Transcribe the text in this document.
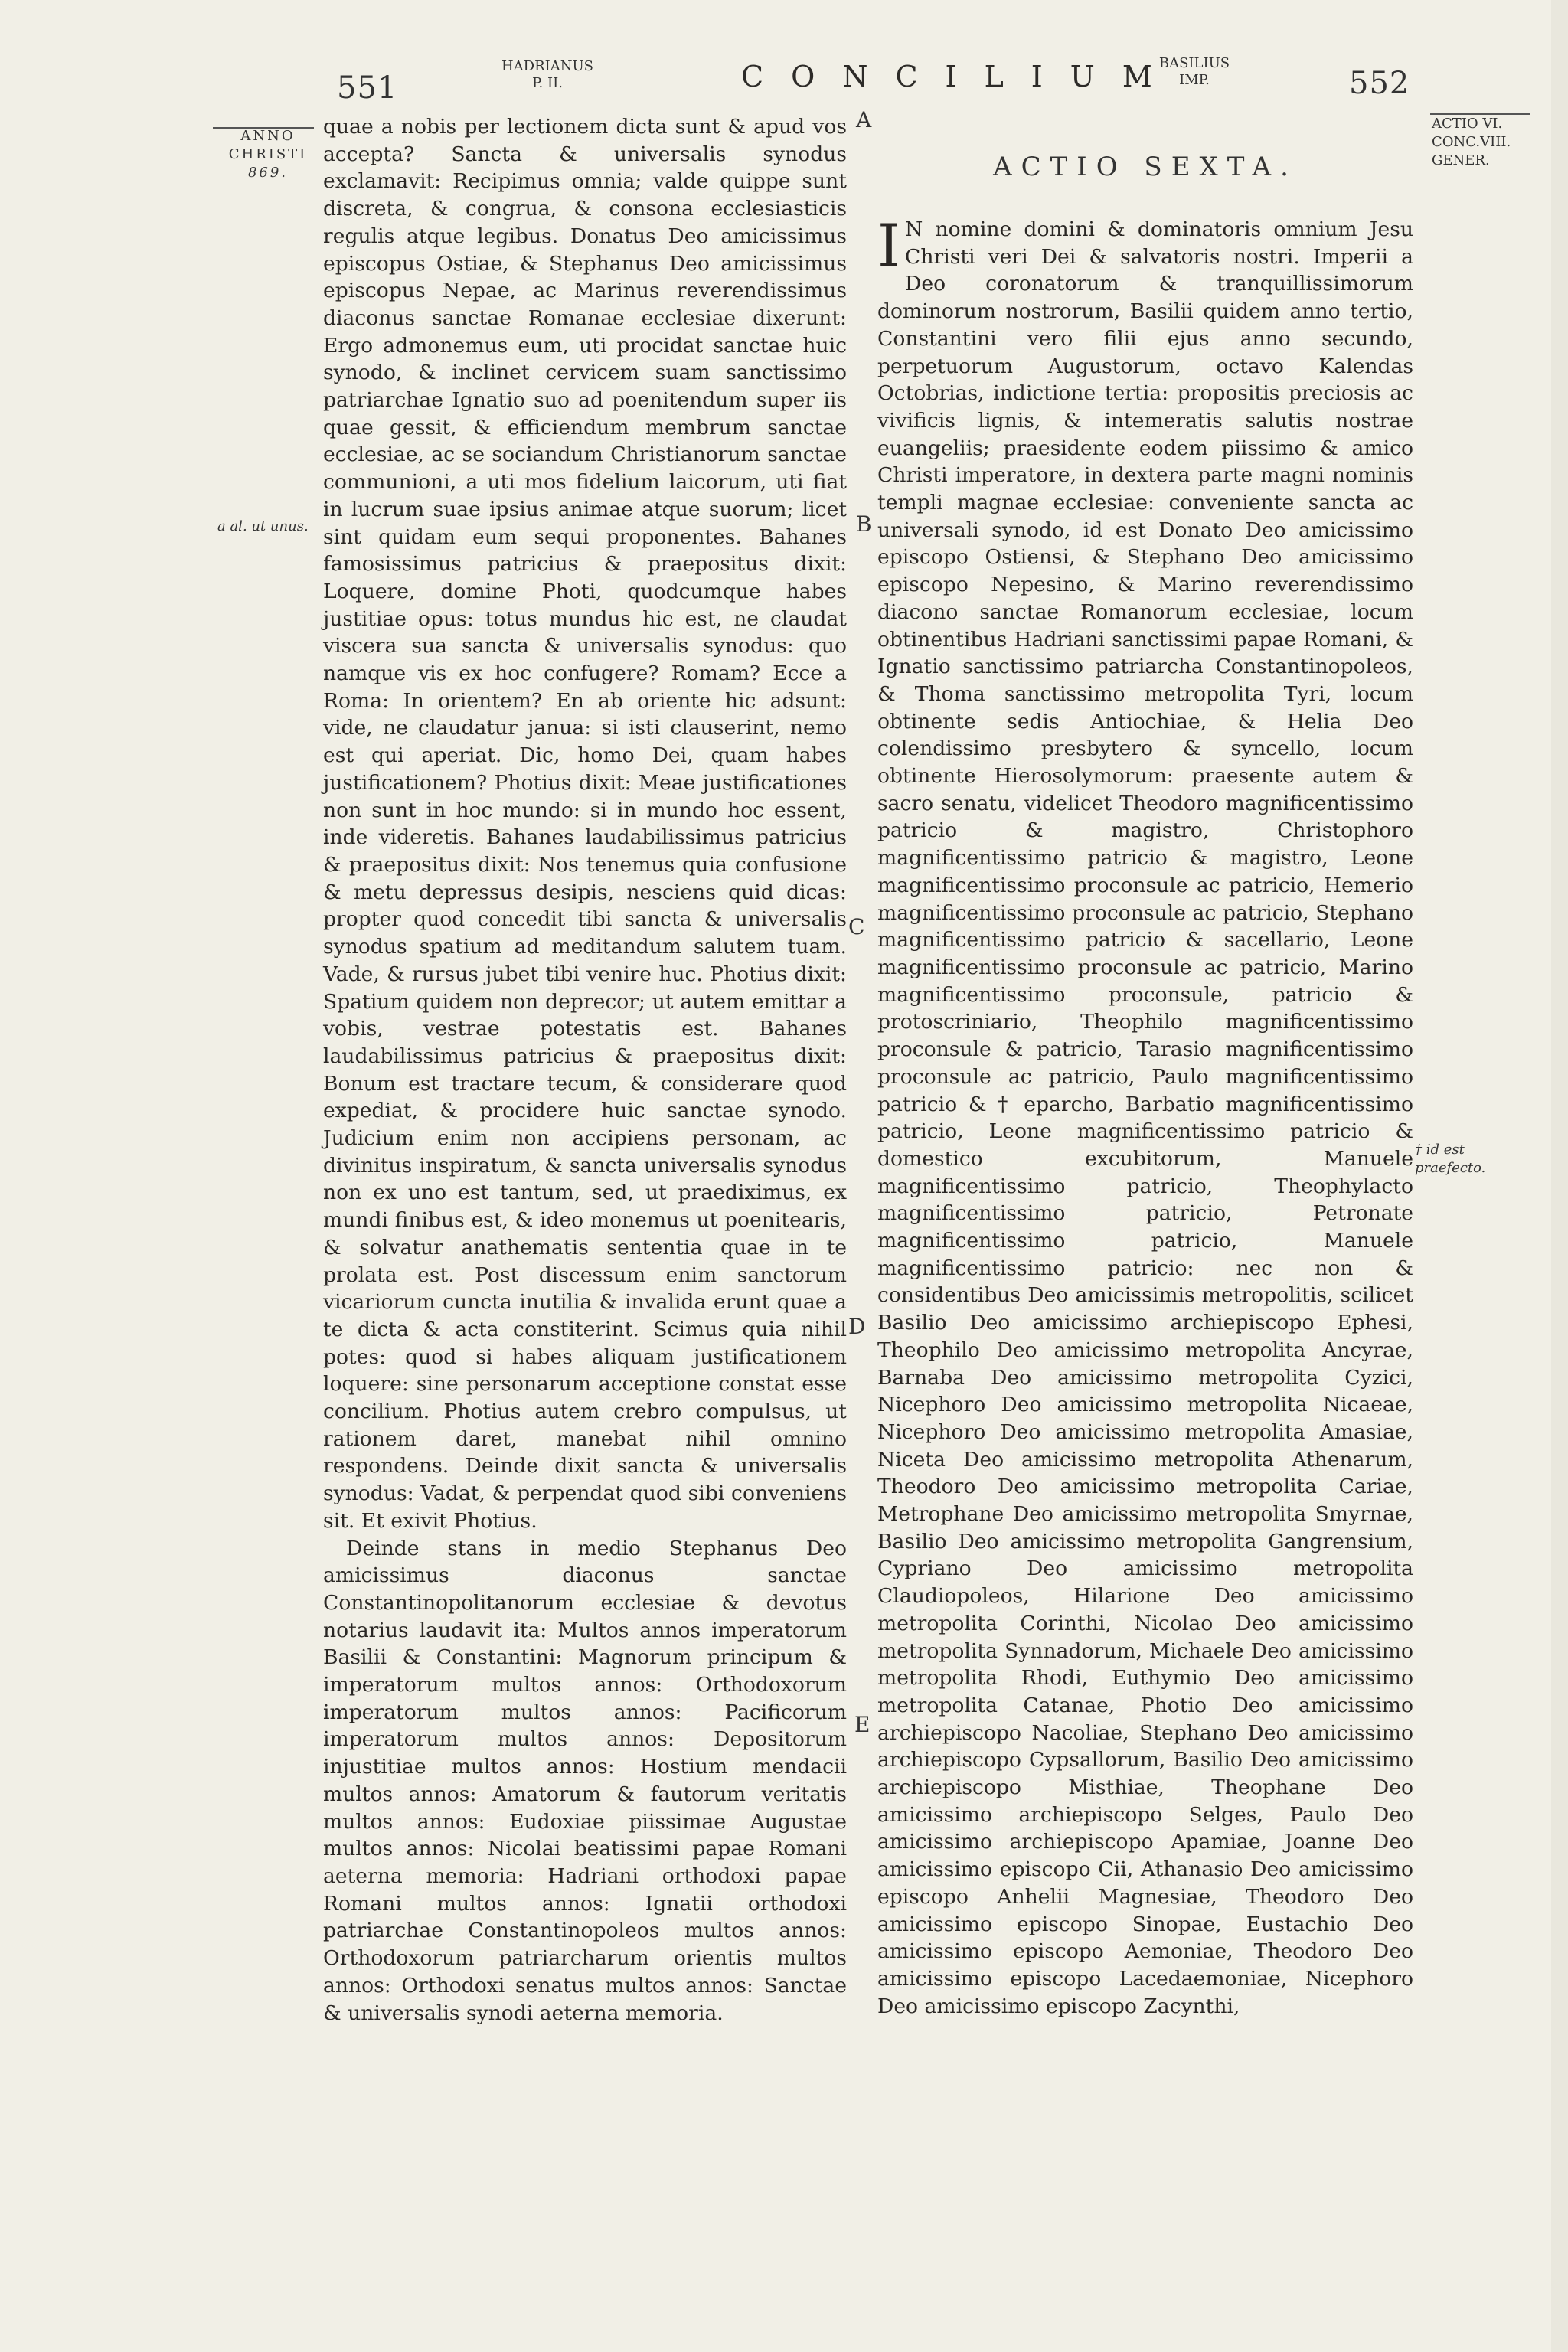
551
HADRIANUS
P. II.	CONCILIUM
BASILIUS
IMP.	552
ANNO
CHRISTI
869.
a al. ut unus.
ACTIO VI.
CONC.VIII.
GENER.
† id est praefecto.
A
B
C
D
E

quae a nobis per lectionem dicta sunt & apud vos accepta? Sancta & universalis synodus exclamavit: Recipimus omnia; valde quippe sunt discreta, & congrua, & consona ecclesiasticis regulis atque legibus. Donatus Deo amicissimus episcopus Ostiae, & Stephanus Deo amicissimus episcopus Nepae, ac Marinus reverendissimus diaconus sanctae Romanae ecclesiae dixerunt: Ergo admonemus eum, uti procidat sanctae huic synodo, & inclinet cervicem suam sanctissimo patriarchae Ignatio suo ad poenitendum super iis quae gessit, & efficiendum membrum sanctae ecclesiae, ac se sociandum Christianorum sanctae communioni, a uti mos fidelium laicorum, uti fiat in lucrum suae ipsius animae atque suorum; licet sint quidam eum sequi proponentes. Bahanes famosissimus patricius & praepositus dixit: Loquere, domine Photi, quodcumque habes justitiae opus: totus mundus hic est, ne claudat viscera sua sancta & universalis synodus: quo namque vis ex hoc confugere? Romam? Ecce a Roma: In orientem? En ab oriente hic adsunt: vide, ne claudatur janua: si isti clauserint, nemo est qui aperiat. Dic, homo Dei, quam habes justificationem? Photius dixit: Meae justificationes non sunt in hoc mundo: si in mundo hoc essent, inde videretis. Bahanes laudabilissimus patricius & praepositus dixit: Nos tenemus quia confusione & metu depressus desipis, nesciens quid dicas: propter quod concedit tibi sancta & universalis synodus spatium ad meditandum salutem tuam. Vade, & rursus jubet tibi venire huc. Photius dixit: Spatium quidem non deprecor; ut autem emittar a vobis, vestrae potestatis est. Bahanes laudabilissimus patricius & praepositus dixit: Bonum est tractare tecum, & considerare quod expediat, & procidere huic sanctae synodo. Judicium enim non accipiens personam, ac divinitus inspiratum, & sancta universalis synodus non ex uno est tantum, sed, ut praediximus, ex mundi finibus est, & ideo monemus ut poenitearis, & solvatur anathematis sententia quae in te prolata est. Post discessum enim sanctorum vicariorum cuncta inutilia & invalida erunt quae a te dicta & acta constiterint. Scimus quia nihil potes: quod si habes aliquam justificationem loquere: sine personarum acceptione constat esse concilium. Photius autem crebro compulsus, ut rationem daret, manebat nihil omnino respondens. Deinde dixit sancta & universalis synodus: Vadat, & perpendat quod sibi conveniens sit. Et exivit Photius.

Deinde stans in medio Stephanus Deo amicissimus diaconus sanctae Constantinopolitanorum ecclesiae & devotus notarius laudavit ita: Multos annos imperatorum Basilii & Constantini: Magnorum principum & imperatorum multos annos: Orthodoxorum imperatorum multos annos: Pacificorum imperatorum multos annos: Depositorum injustitiae multos annos: Hostium mendacii multos annos: Amatorum & fautorum veritatis multos annos: Eudoxiae piissimae Augustae multos annos: Nicolai beatissimi papae Romani aeterna memoria: Hadriani orthodoxi papae Romani multos annos: Ignatii orthodoxi patriarchae Constantinopoleos multos annos: Orthodoxorum patriarcharum orientis multos annos: Orthodoxi senatus multos annos: Sanctae & universalis synodi aeterna memoria.

ACTIO SEXTA.
I N nomine domini & dominatoris omnium Jesu Christi veri Dei & salvatoris nostri. Imperii a Deo coronatorum & tranquillissimorum dominorum nostrorum, Basilii quidem anno tertio, Constantini vero filii ejus anno secundo, perpetuorum Augustorum, octavo Kalendas Octobrias, indictione tertia: propositis preciosis ac vivificis lignis, & intemeratis salutis nostrae euangeliis; praesidente eodem piissimo & amico Christi imperatore, in dextera parte magni nominis templi magnae ecclesiae: conveniente sancta ac universali synodo, id est Donato Deo amicissimo episcopo Ostiensi, & Stephano Deo amicissimo episcopo Nepesino, & Marino reverendissimo diacono sanctae Romanorum ecclesiae, locum obtinentibus Hadriani sanctissimi papae Romani, & Ignatio sanctissimo patriarcha Constantinopoleos, & Thoma sanctissimo metropolita Tyri, locum obtinente sedis Antiochiae, & Helia Deo colendissimo presbytero & syncello, locum obtinente Hierosolymorum: praesente autem & sacro senatu, videlicet Theodoro magnificentissimo patricio & magistro, Christophoro magnificentissimo patricio & magistro, Leone magnificentissimo proconsule ac patricio, Hemerio magnificentissimo proconsule ac patricio, Stephano magnificentissimo patricio & sacellario, Leone magnificentissimo proconsule ac patricio, Marino magnificentissimo proconsule, patricio & protoscriniario, Theophilo magnificentissimo proconsule & patricio, Tarasio magnificentissimo proconsule ac patricio, Paulo magnificentissimo patricio & † eparcho, Barbatio magnificentissimo patricio, Leone magnificentissimo patricio & domestico excubitorum, Manuele magnificentissimo patricio, Theophylacto magnificentissimo patricio, Petronate magnificentissimo patricio, Manuele magnificentissimo patricio: nec non & considentibus Deo amicissimis metropolitis, scilicet Basilio Deo amicissimo archiepiscopo Ephesi, Theophilo Deo amicissimo metropolita Ancyrae, Barnaba Deo amicissimo metropolita Cyzici, Nicephoro Deo amicissimo metropolita Nicaeae, Nicephoro Deo amicissimo metropolita Amasiae, Niceta Deo amicissimo metropolita Athenarum, Theodoro Deo amicissimo metropolita Cariae, Metrophane Deo amicissimo metropolita Smyrnae, Basilio Deo amicissimo metropolita Gangrensium, Cypriano Deo amicissimo metropolita Claudiopoleos, Hilarione Deo amicissimo metropolita Corinthi, Nicolao Deo amicissimo metropolita Synnadorum, Michaele Deo amicissimo metropolita Rhodi, Euthymio Deo amicissimo metropolita Catanae, Photio Deo amicissimo archiepiscopo Nacoliae, Stephano Deo amicissimo archiepiscopo Cypsallorum, Basilio Deo amicissimo archiepiscopo Misthiae, Theophane Deo amicissimo archiepiscopo Selges, Paulo Deo amicissimo archiepiscopo Apamiae, Joanne Deo amicissimo episcopo Cii, Athanasio Deo amicissimo episcopo Anhelii Magnesiae, Theodoro Deo amicissimo episcopo Sinopae, Eustachio Deo amicissimo episcopo Aemoniae, Theodoro Deo amicissimo episcopo Lacedaemoniae, Nicephoro Deo amicissimo episcopo Zacynthi,
